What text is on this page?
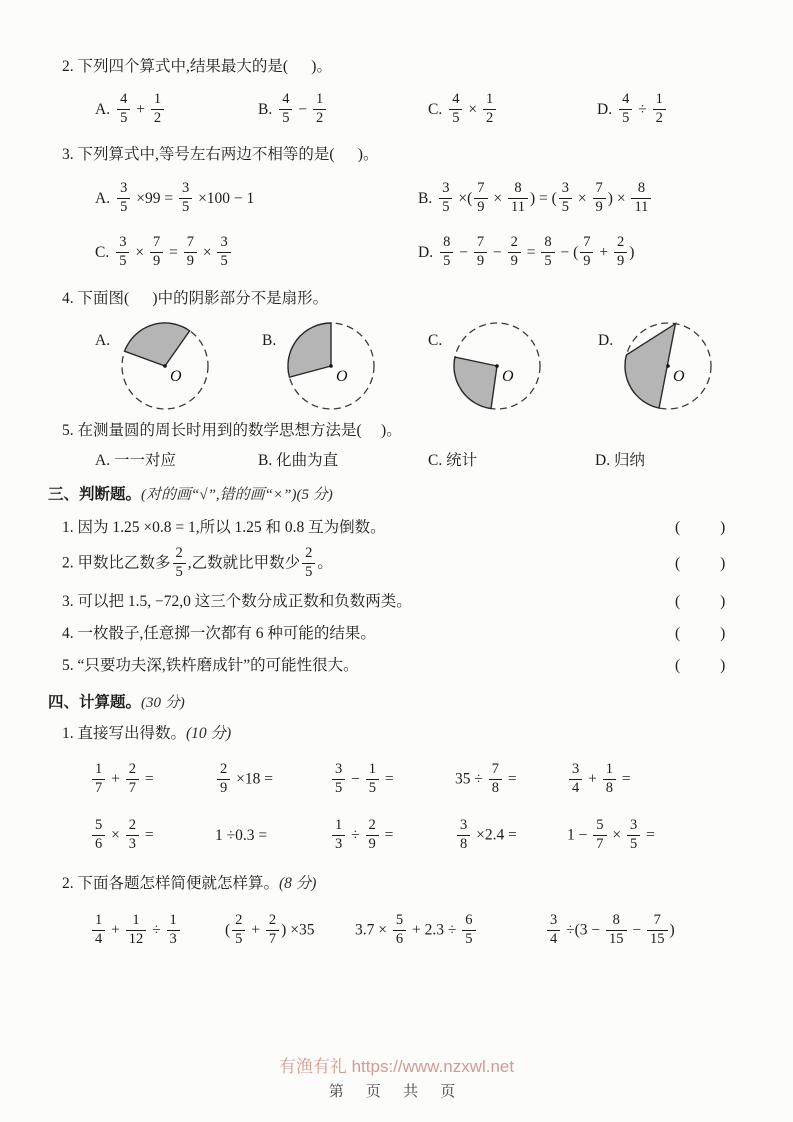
2. 下列四个算式中,结果最大的是(      )。
A. $\frac{4}{5} + \frac{1}{2}$	B. $\frac{4}{5} - \frac{1}{2}$	C. $\frac{4}{5} \times \frac{1}{2}$	D. $\frac{4}{5} \div \frac{1}{2}$
3. 下列算式中,等号左右两边不相等的是(      )。
A. $\frac{3}{5} \times 99 = \frac{3}{5} \times 100 - 1$	B. $\frac{3}{5}$ ×( $\frac{7}{9} \times \frac{8}{11}$ ) = ( $\frac{3}{5} \times \frac{7}{9}$ ) × $\frac{8}{11}$
C. $\frac{3}{5} \times \frac{7}{9} = \frac{7}{9} \times \frac{3}{5}$	D. $\frac{8}{5} - \frac{7}{9} - \frac{2}{9} = \frac{8}{5}$ − ( $\frac{7}{9} + \frac{2}{9}$ )
4. 下面图(      )中的阴影部分不是扇形。
A.
O
B.
O
C.
O
D.
O
5. 在测量圆的周长时用到的数学思想方法是(     )。
A. 一一对应	B. 化曲为直	C. 统计	D. 归纳
三、判断题。(对的画“√”,错的画“×”)(5 分)
1. 因为 1.25 ×0.8 = 1,所以 1.25 和 0.8 互为倒数。	(        )
2. 甲数比乙数多 $\frac{2}{5}$ ,乙数就比甲数少 $\frac{2}{5}$ 。	(        )
3. 可以把 1.5, −72,0 这三个数分成正数和负数两类。	(        )
4. 一枚骰子,任意掷一次都有 6 种可能的结果。	(        )
5. “只要功夫深,铁杵磨成针”的可能性很大。	(        )
四、计算题。(30 分)
1. 直接写出得数。(10 分)
$\frac{1}{7} + \frac{2}{7}$ =	$\frac{2}{9} \times 18$ =	$\frac{3}{5} - \frac{1}{5}$ =	$35 \div \frac{7}{8}$ =	$\frac{3}{4} + \frac{1}{8}$ =
$\frac{5}{6} \times \frac{2}{3}$ =	1 ÷0.3 =	$\frac{1}{3} \div \frac{2}{9}$ =	$\frac{3}{8} \times 2.4$ =	$1 - \frac{5}{7} \times \frac{3}{5}$ =
2. 下面各题怎样简便就怎样算。(8 分)
$\frac{1}{4} + \frac{1}{12} \div \frac{1}{3}$	( $\frac{2}{5} + \frac{2}{7}$ ) ×35	$3.7 \times \frac{5}{6} + 2.3 \div \frac{6}{5}$	$\frac{3}{4} \div(3 - \frac{8}{15} - \frac{7}{15}$ )
有渔有礼 https://www.nzxwl.net
第 页 共 页
